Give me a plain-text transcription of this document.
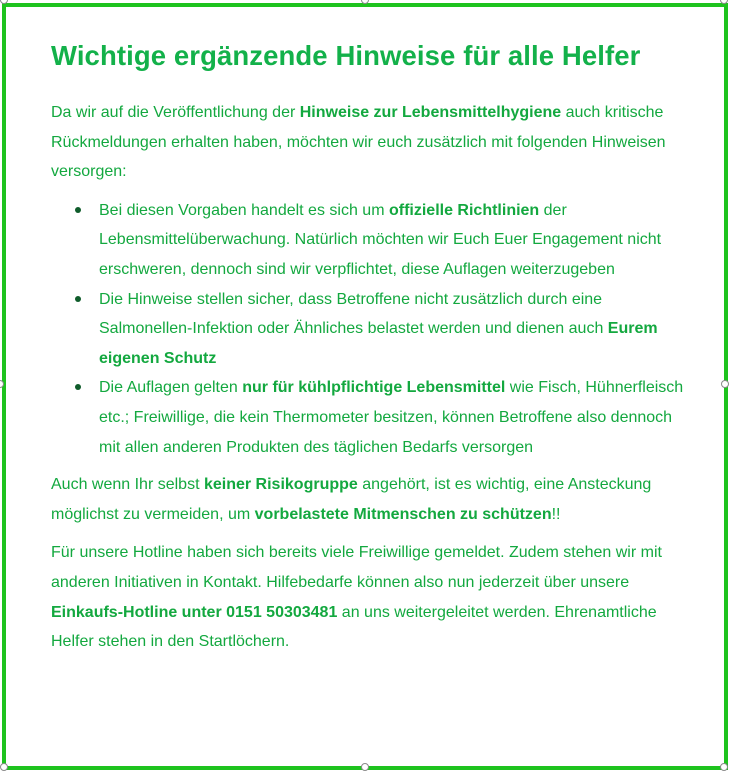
Wichtige ergänzende Hinweise für alle Helfer

Da wir auf die Veröffentlichung der Hinweise zur Lebensmittelhygiene auch kritische Rückmeldungen erhalten haben, möchten wir euch zusätzlich mit folgenden Hinweisen versorgen:

Bei diesen Vorgaben handelt es sich um offizielle Richtlinien der Lebensmittelüberwachung. Natürlich möchten wir Euch Euer Engagement nicht erschweren, dennoch sind wir verpflichtet, diese Auflagen weiterzugeben
Die Hinweise stellen sicher, dass Betroffene nicht zusätzlich durch eine Salmonellen-Infektion oder Ähnliches belastet werden und dienen auch Eurem eigenen Schutz
Die Auflagen gelten nur für kühlpflichtige Lebensmittel wie Fisch, Hühnerfleisch etc.; Freiwillige, die kein Thermometer besitzen, können Betroffene also dennoch mit allen anderen Produkten des täglichen Bedarfs versorgen

Auch wenn Ihr selbst keiner Risikogruppe angehört, ist es wichtig, eine Ansteckung möglichst zu vermeiden, um vorbelastete Mitmenschen zu schützen!!

Für unsere Hotline haben sich bereits viele Freiwillige gemeldet. Zudem stehen wir mit anderen Initiativen in Kontakt. Hilfebedarfe können also nun jederzeit über unsere Einkaufs-Hotline unter 0151 50303481 an uns weitergeleitet werden. Ehrenamtliche Helfer stehen in den Startlöchern.
